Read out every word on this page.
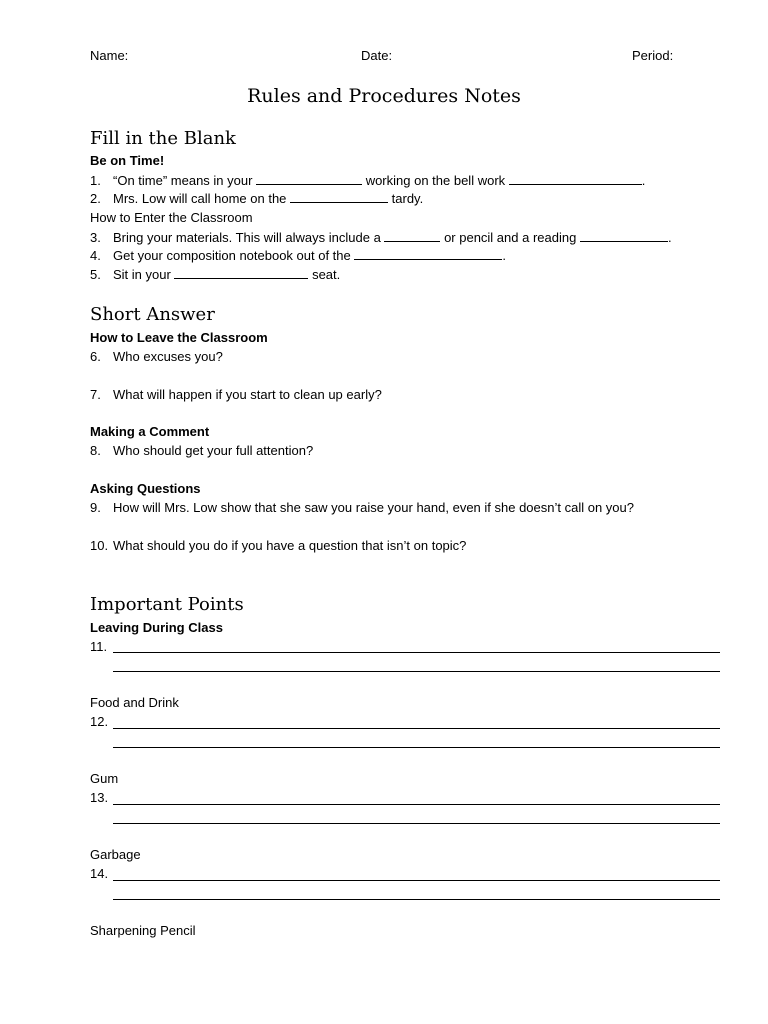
Name:	Date:	Period:
Rules and Procedures Notes
Fill in the Blank
Be on Time!
1. “On time” means in your	working on the bell work	.
2. Mrs. Low will call home on the	tardy.
How to Enter the Classroom
3. Bring your materials. This will always include a	or pencil and a reading	.
4. Get your composition notebook out of the	.
5. Sit in your	seat.
Short Answer
How to Leave the Classroom
6. Who excuses you?
7. What will happen if you start to clean up early?
Making a Comment
8. Who should get your full attention?
Asking Questions
9. How will Mrs. Low show that she saw you raise your hand, even if she doesn’t call on you?
10. What should you do if you have a question that isn’t on topic?
Important Points
Leaving During Class
11.
Food and Drink
12.
Gum
13.
Garbage
14.
Sharpening Pencil
